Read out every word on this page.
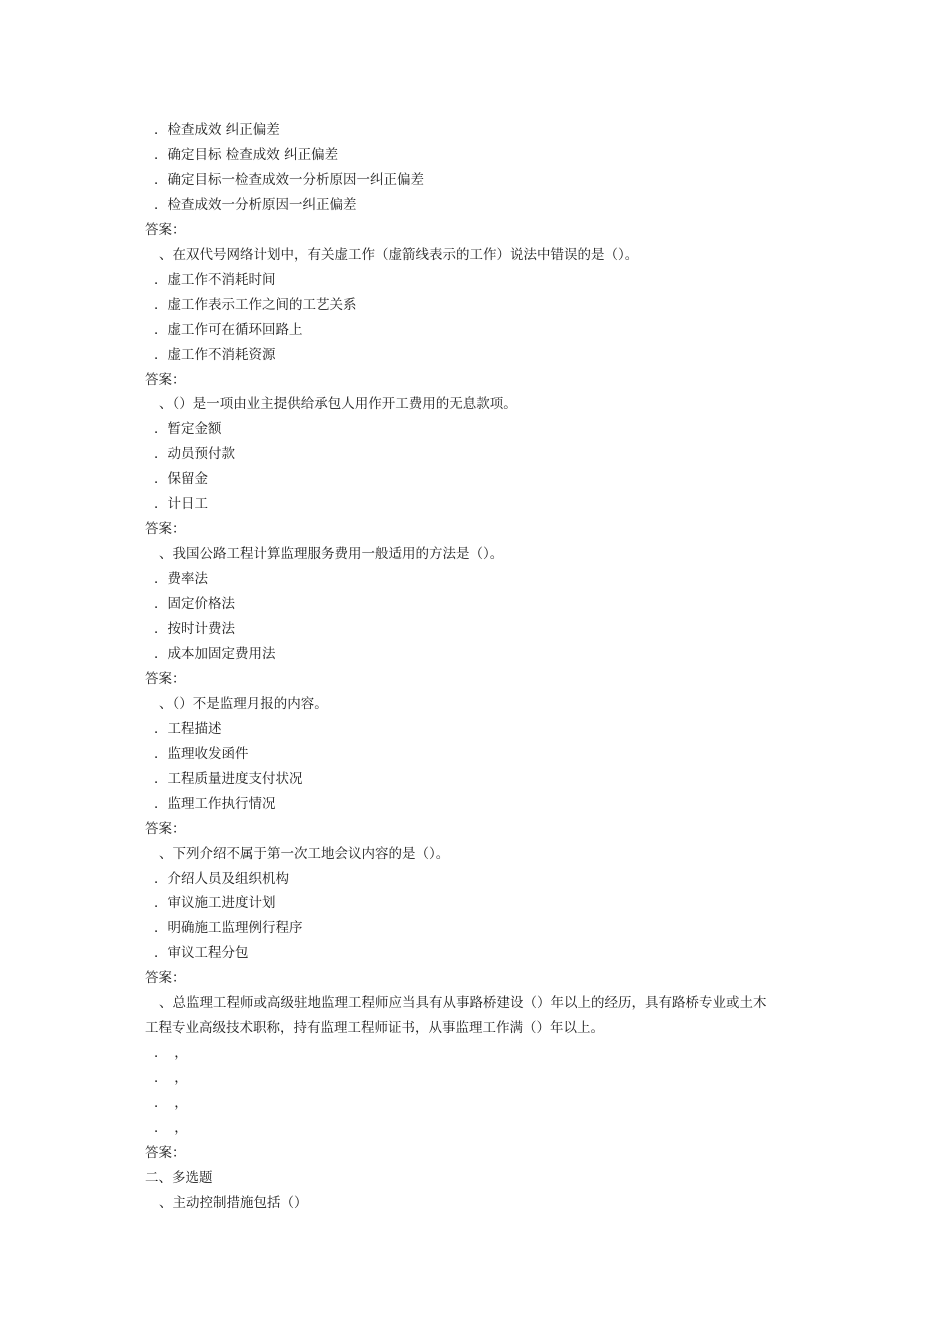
．检查成效 纠正偏差
．确定目标 检查成效 纠正偏差
．确定目标一检查成效一分析原因一纠正偏差
．检查成效一分析原因一纠正偏差
答案：
、在双代号网络计划中，有关虚工作（虚箭线表示的工作）说法中错误的是（）。
．虚工作不消耗时间
．虚工作表示工作之间的工艺关系
．虚工作可在循环回路上
．虚工作不消耗资源
答案：
、（）是一项由业主提供给承包人用作开工费用的无息款项。
．暂定金额
．动员预付款
．保留金
．计日工
答案：
、我国公路工程计算监理服务费用一般适用的方法是（）。
．费率法
．固定价格法
．按时计费法
．成本加固定费用法
答案：
、（）不是监理月报的内容。
．工程描述
．监理收发函件
．工程质量进度支付状况
．监理工作执行情况
答案：
、下列介绍不属于第一次工地会议内容的是（）。
．介绍人员及组织机构
．审议施工进度计划
．明确施工监理例行程序
．审议工程分包
答案：
、总监理工程师或高级驻地监理工程师应当具有从事路桥建设（）年以上的经历，具有路桥专业或土木
工程专业高级技术职称，持有监理工程师证书，从事监理工作满（）年以上。
．　，
．　，
．　，
．　，
答案：
二、多选题
、主动控制措施包括（）
